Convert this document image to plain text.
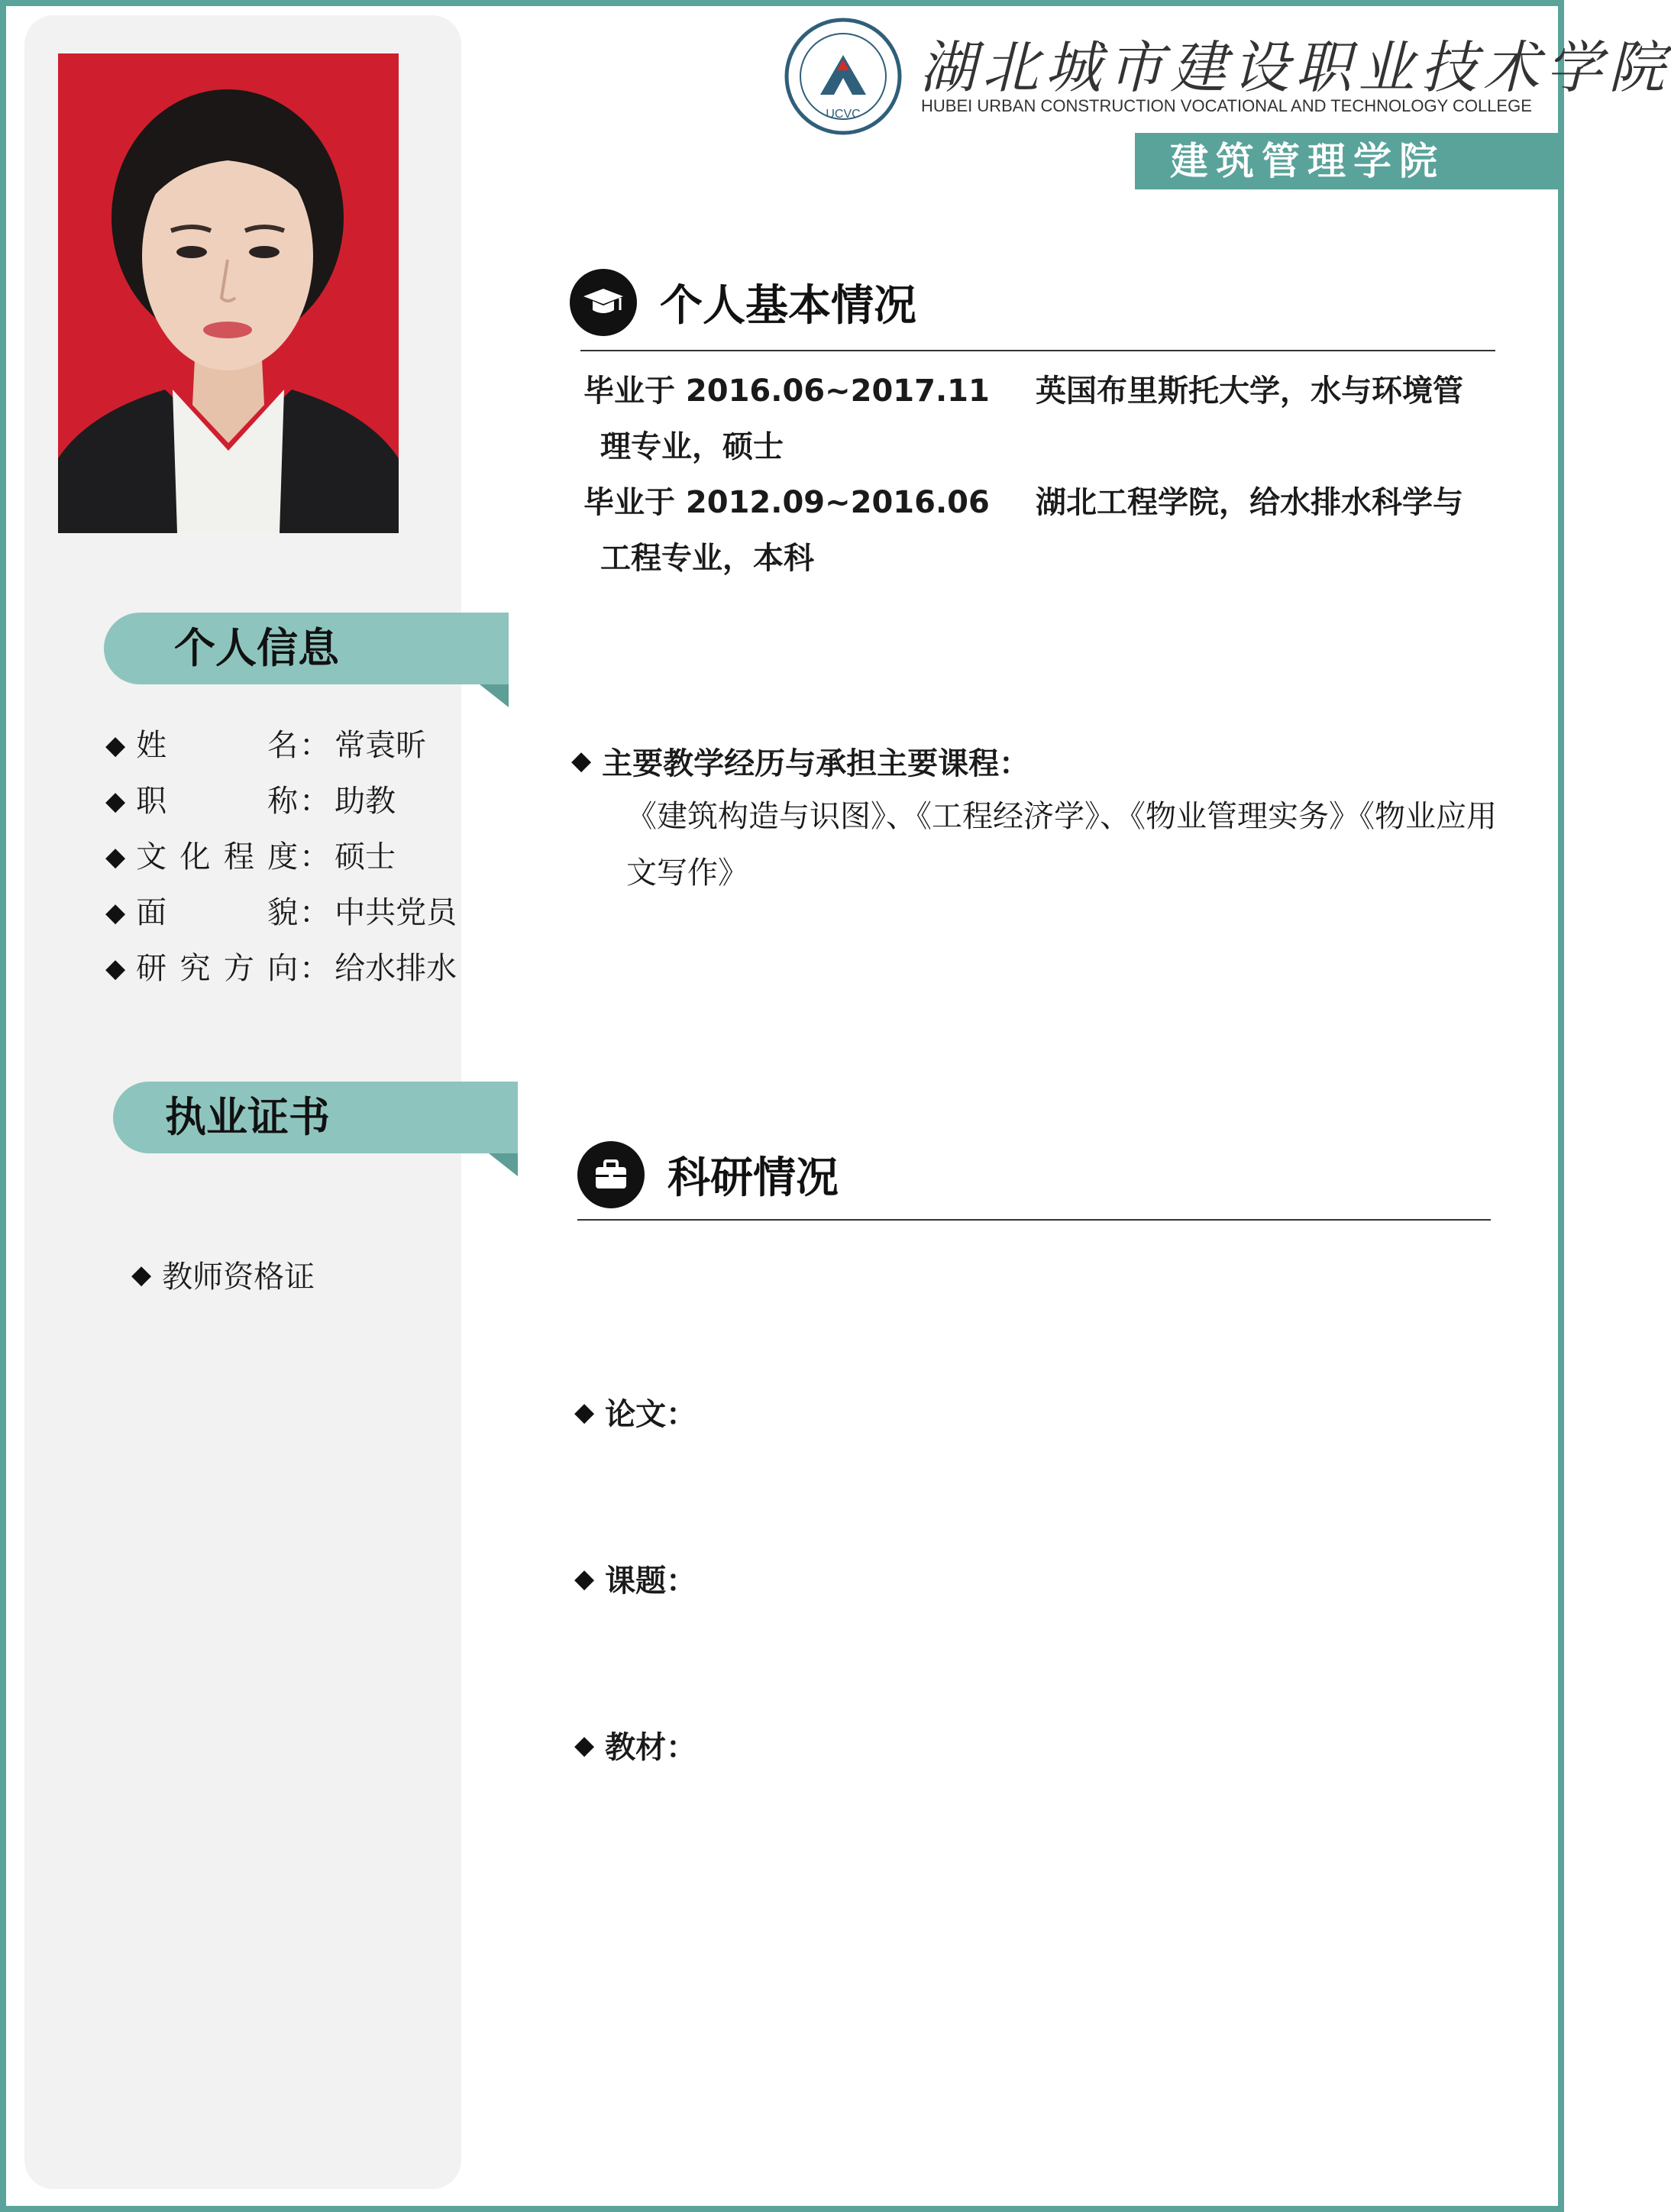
个人信息
◆ 姓名 ： 常袁昕
◆ 职称 ： 助教
◆ 文化程度 ： 硕士
◆ 面貌 ： 中共党员
◆ 研究方向 ： 给水排水
执业证书
◆ 教师资格证
UCVC
湖北城市建设职业技术学院
HUBEI URBAN CONSTRUCTION VOCATIONAL AND TECHNOLOGY COLLEGE
建筑管理学院
个人基本情况
毕业于 2016.06~2017.11	英国布里斯托大学，水与环境管
理专业，硕士
毕业于 2012.09~2016.06	湖北工程学院，给水排水科学与
工程专业，本科
◆ 主要教学经历与承担主要课程：
《建筑构造与识图》、《工程经济学》、《物业管理实务》《物业应用文写作》
科研情况
◆ 论文：
◆ 课题：
◆ 教材：
